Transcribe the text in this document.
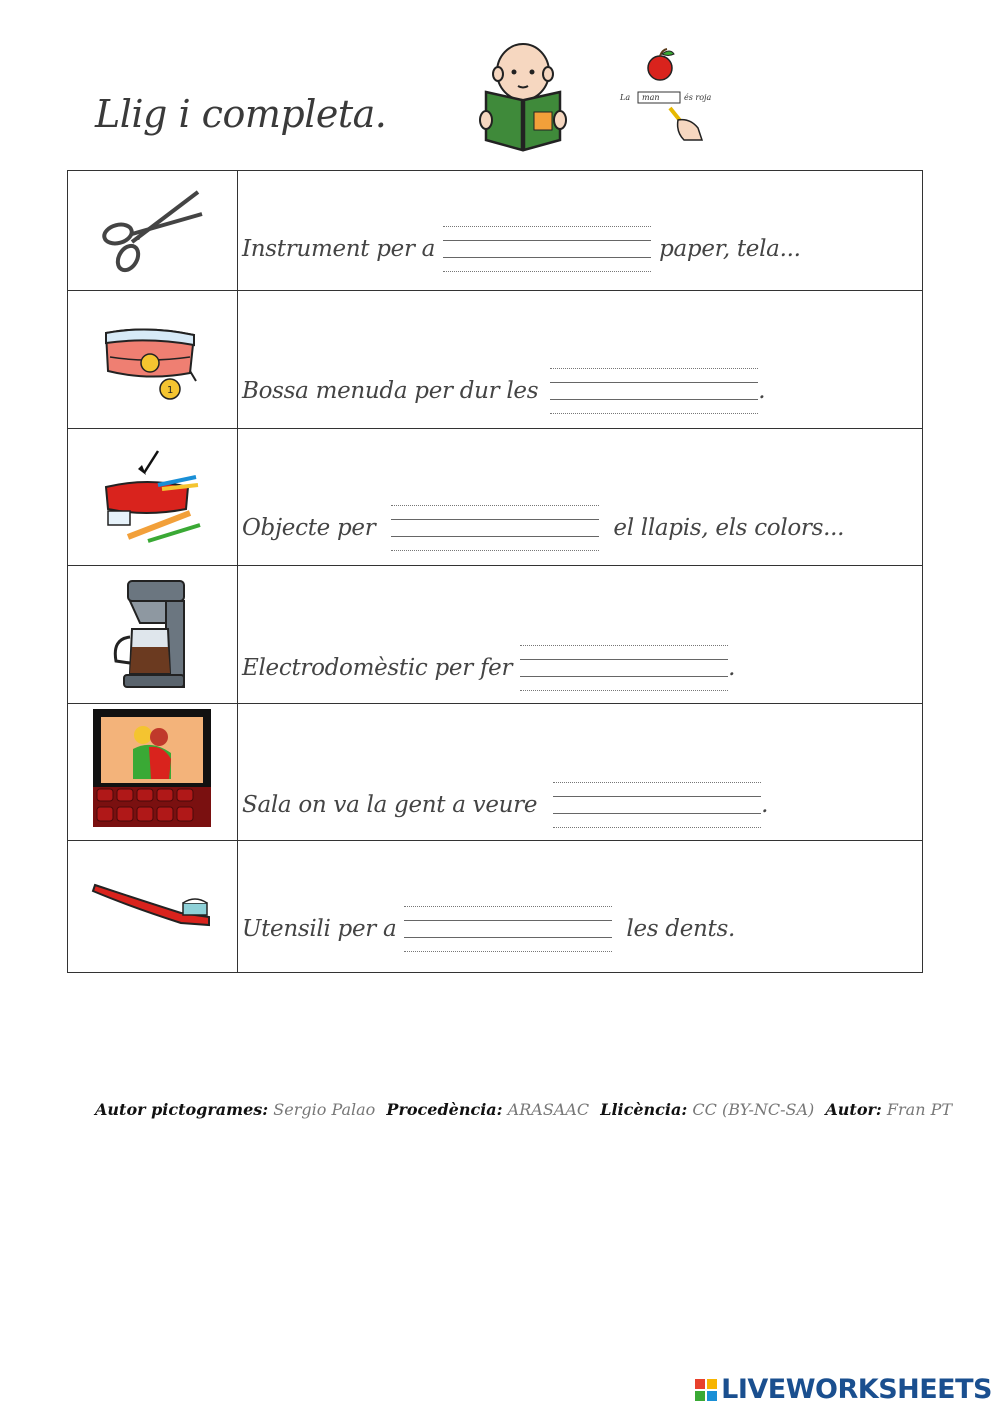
Llig i completa.	La man	és roja
Instrument per a	paper, tela...
1	Bossa menuda per dur les	.
Objecte per	el llapis, els colors...
Electrodomèstic per fer	.
Sala on va la gent a veure	.
Utensili per a	les dents.
Autor pictogrames: Sergio Palao Procedència: ARASAAC Llicència: CC (BY-NC-SA) Autor: Fran PT
LIVEWORKSHEETS
